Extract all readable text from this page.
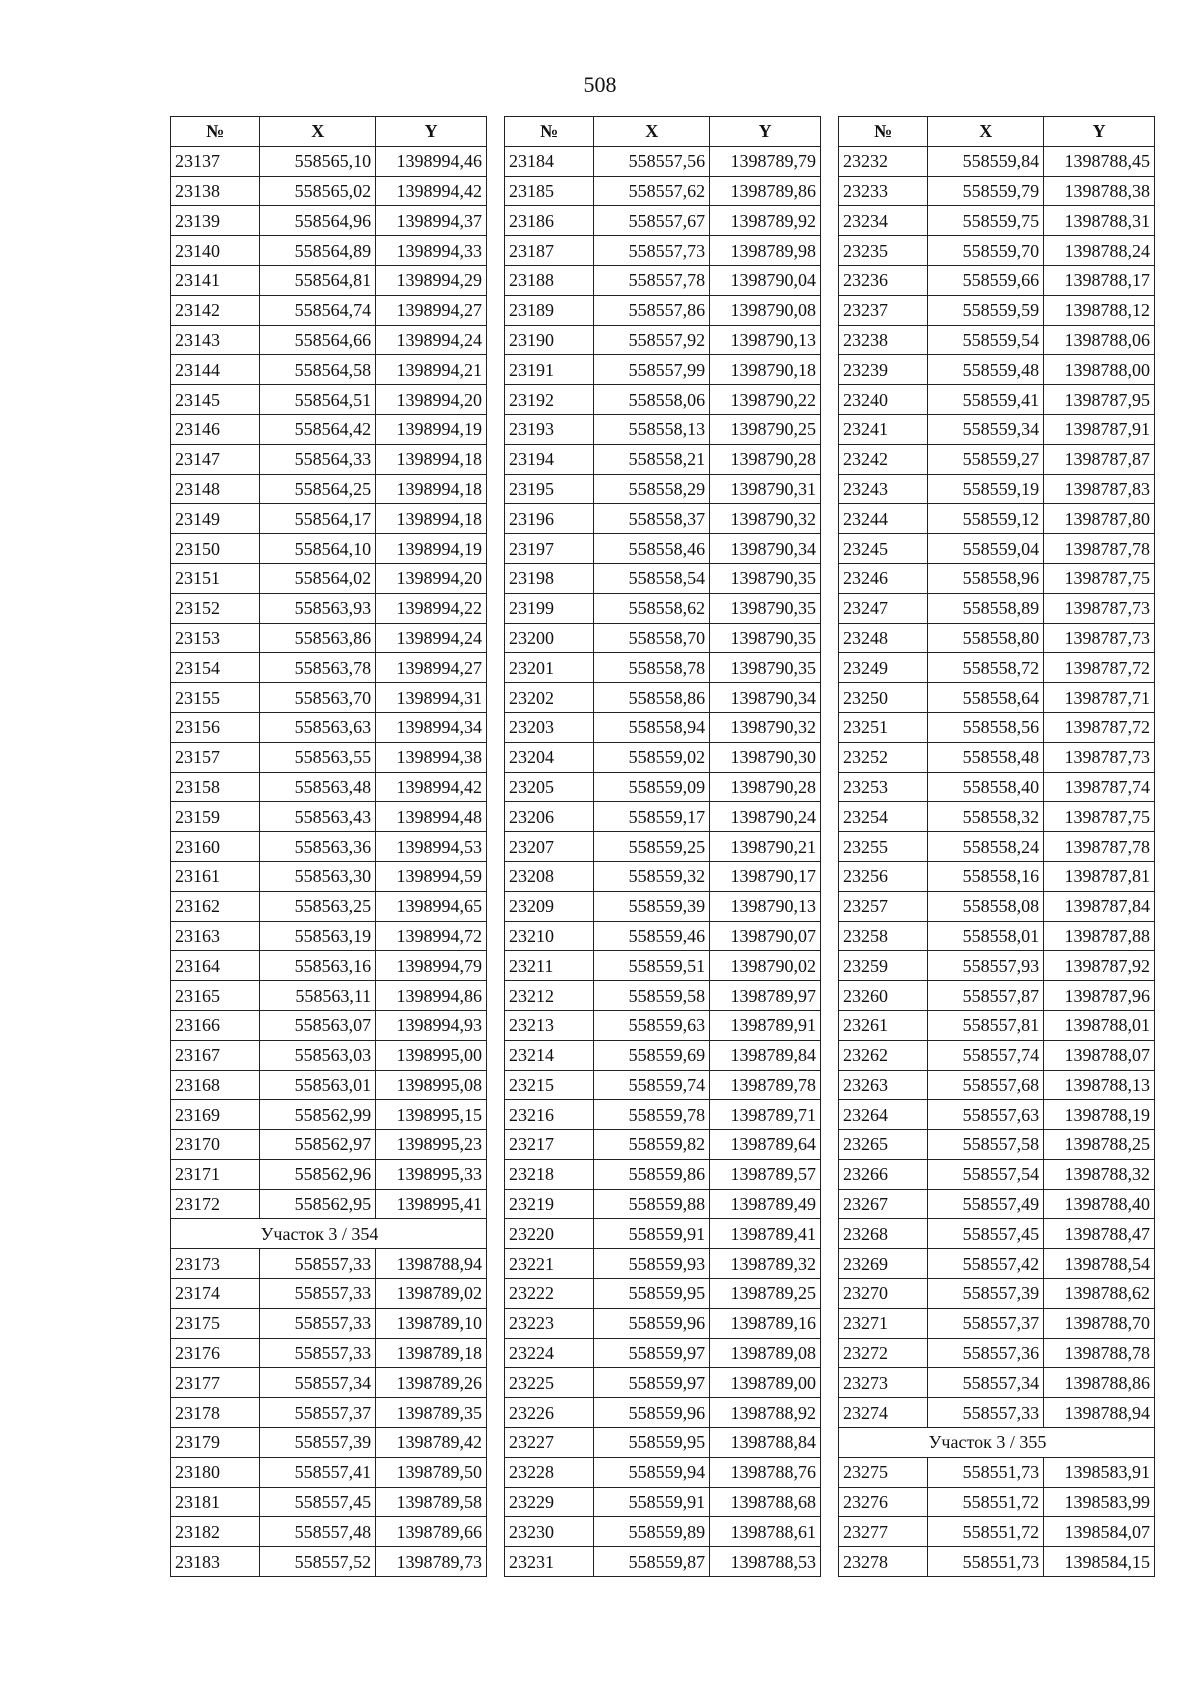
508
№	X	Y
23137	558565,10	1398994,46
23138	558565,02	1398994,42
23139	558564,96	1398994,37
23140	558564,89	1398994,33
23141	558564,81	1398994,29
23142	558564,74	1398994,27
23143	558564,66	1398994,24
23144	558564,58	1398994,21
23145	558564,51	1398994,20
23146	558564,42	1398994,19
23147	558564,33	1398994,18
23148	558564,25	1398994,18
23149	558564,17	1398994,18
23150	558564,10	1398994,19
23151	558564,02	1398994,20
23152	558563,93	1398994,22
23153	558563,86	1398994,24
23154	558563,78	1398994,27
23155	558563,70	1398994,31
23156	558563,63	1398994,34
23157	558563,55	1398994,38
23158	558563,48	1398994,42
23159	558563,43	1398994,48
23160	558563,36	1398994,53
23161	558563,30	1398994,59
23162	558563,25	1398994,65
23163	558563,19	1398994,72
23164	558563,16	1398994,79
23165	558563,11	1398994,86
23166	558563,07	1398994,93
23167	558563,03	1398995,00
23168	558563,01	1398995,08
23169	558562,99	1398995,15
23170	558562,97	1398995,23
23171	558562,96	1398995,33
23172	558562,95	1398995,41
Участок 3 / 354		
23173	558557,33	1398788,94
23174	558557,33	1398789,02
23175	558557,33	1398789,10
23176	558557,33	1398789,18
23177	558557,34	1398789,26
23178	558557,37	1398789,35
23179	558557,39	1398789,42
23180	558557,41	1398789,50
23181	558557,45	1398789,58
23182	558557,48	1398789,66
23183	558557,52	1398789,73
№	X	Y
23184	558557,56	1398789,79
23185	558557,62	1398789,86
23186	558557,67	1398789,92
23187	558557,73	1398789,98
23188	558557,78	1398790,04
23189	558557,86	1398790,08
23190	558557,92	1398790,13
23191	558557,99	1398790,18
23192	558558,06	1398790,22
23193	558558,13	1398790,25
23194	558558,21	1398790,28
23195	558558,29	1398790,31
23196	558558,37	1398790,32
23197	558558,46	1398790,34
23198	558558,54	1398790,35
23199	558558,62	1398790,35
23200	558558,70	1398790,35
23201	558558,78	1398790,35
23202	558558,86	1398790,34
23203	558558,94	1398790,32
23204	558559,02	1398790,30
23205	558559,09	1398790,28
23206	558559,17	1398790,24
23207	558559,25	1398790,21
23208	558559,32	1398790,17
23209	558559,39	1398790,13
23210	558559,46	1398790,07
23211	558559,51	1398790,02
23212	558559,58	1398789,97
23213	558559,63	1398789,91
23214	558559,69	1398789,84
23215	558559,74	1398789,78
23216	558559,78	1398789,71
23217	558559,82	1398789,64
23218	558559,86	1398789,57
23219	558559,88	1398789,49
23220	558559,91	1398789,41
23221	558559,93	1398789,32
23222	558559,95	1398789,25
23223	558559,96	1398789,16
23224	558559,97	1398789,08
23225	558559,97	1398789,00
23226	558559,96	1398788,92
23227	558559,95	1398788,84
23228	558559,94	1398788,76
23229	558559,91	1398788,68
23230	558559,89	1398788,61
23231	558559,87	1398788,53
№	X	Y
23232	558559,84	1398788,45
23233	558559,79	1398788,38
23234	558559,75	1398788,31
23235	558559,70	1398788,24
23236	558559,66	1398788,17
23237	558559,59	1398788,12
23238	558559,54	1398788,06
23239	558559,48	1398788,00
23240	558559,41	1398787,95
23241	558559,34	1398787,91
23242	558559,27	1398787,87
23243	558559,19	1398787,83
23244	558559,12	1398787,80
23245	558559,04	1398787,78
23246	558558,96	1398787,75
23247	558558,89	1398787,73
23248	558558,80	1398787,73
23249	558558,72	1398787,72
23250	558558,64	1398787,71
23251	558558,56	1398787,72
23252	558558,48	1398787,73
23253	558558,40	1398787,74
23254	558558,32	1398787,75
23255	558558,24	1398787,78
23256	558558,16	1398787,81
23257	558558,08	1398787,84
23258	558558,01	1398787,88
23259	558557,93	1398787,92
23260	558557,87	1398787,96
23261	558557,81	1398788,01
23262	558557,74	1398788,07
23263	558557,68	1398788,13
23264	558557,63	1398788,19
23265	558557,58	1398788,25
23266	558557,54	1398788,32
23267	558557,49	1398788,40
23268	558557,45	1398788,47
23269	558557,42	1398788,54
23270	558557,39	1398788,62
23271	558557,37	1398788,70
23272	558557,36	1398788,78
23273	558557,34	1398788,86
23274	558557,33	1398788,94
Участок 3 / 355		
23275	558551,73	1398583,91
23276	558551,72	1398583,99
23277	558551,72	1398584,07
23278	558551,73	1398584,15
